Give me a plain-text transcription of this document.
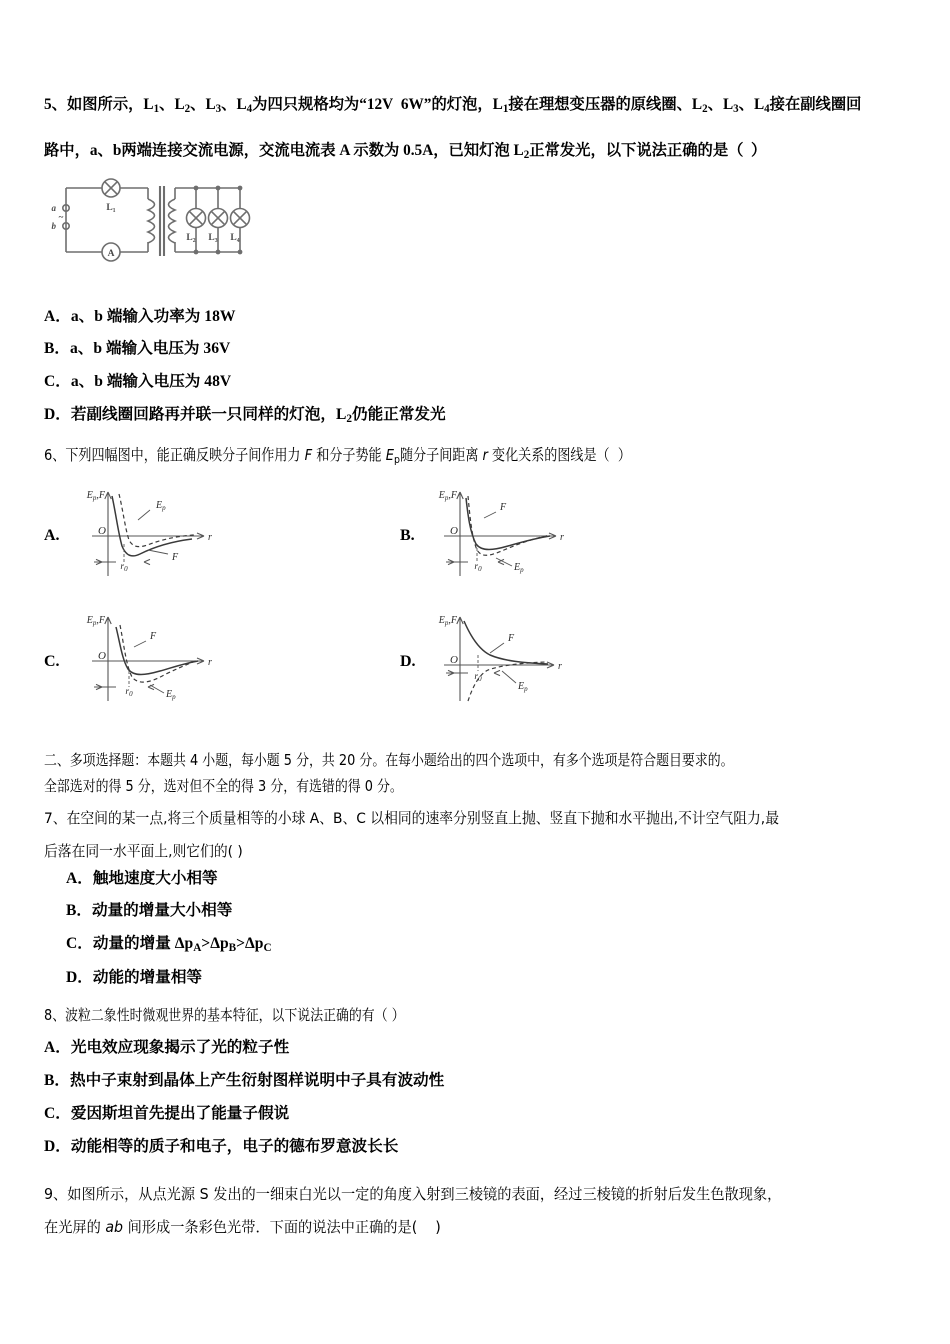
5、如图所示，$L_1$、$L_2$、$L_3$、$L_4$为四只规格均为“12V  6W”的灯泡，$L_1$接在理想变压器的原线圈、$L_2$、$L_3$、$L_4$接在副线圈回
路中，a、b两端连接交流电源，交流电流表 A 示数为 0.5A，已知灯泡 $L_2$正常发光，以下说法正确的是（  ）
a
b
~
L₁
A
L₂ L₃ L₄
A．a、b 端输入功率为 18W
B．a、b 端输入电压为 36V
C．a、b 端输入电压为 48V
D．若副线圈回路再并联一只同样的灯泡，$L_2$仍能正常发光
6、下列四幅图中，能正确反映分子间作用力 F 和分子势能 $E_p$随分子间距离 r 变化关系的图线是（  ）
A.
$E_p,F$
O
r
$r_0$
$E_p$
F
B.
$E_p,F$
O
r
$r_0$
F
$E_p$
C.
$E_p,F$
O
r
$r_0$
F
$E_p$
D.
$E_p,F$
O
r
$r_0$
F
$E_p$
二、多项选择题：本题共 4 小题，每小题 5 分，共 20 分。在每小题给出的四个选项中，有多个选项是符合题目要求的。
全部选对的得 5 分，选对但不全的得 3 分，有选错的得 0 分。
7、在空间的某一点,将三个质量相等的小球 A、B、C 以相同的速率分别竖直上抛、竖直下抛和水平抛出,不计空气阻力,最
后落在同一水平面上,则它们的( )
A．触地速度大小相等
B．动量的增量大小相等
C．动量的增量 $\Delta p_A>\Delta p_B>\Delta p_C$
D．动能的增量相等
8、波粒二象性时微观世界的基本特征，以下说法正确的有（ ）
A．光电效应现象揭示了光的粒子性
B．热中子束射到晶体上产生衍射图样说明中子具有波动性
C．爱因斯坦首先提出了能量子假说
D．动能相等的质子和电子，电子的德布罗意波长长
9、如图所示，从点光源 S 发出的一细束白光以一定的角度入射到三棱镜的表面，经过三棱镜的折射后发生色散现象，
在光屏的 ab 间形成一条彩色光带．下面的说法中正确的是(    )
